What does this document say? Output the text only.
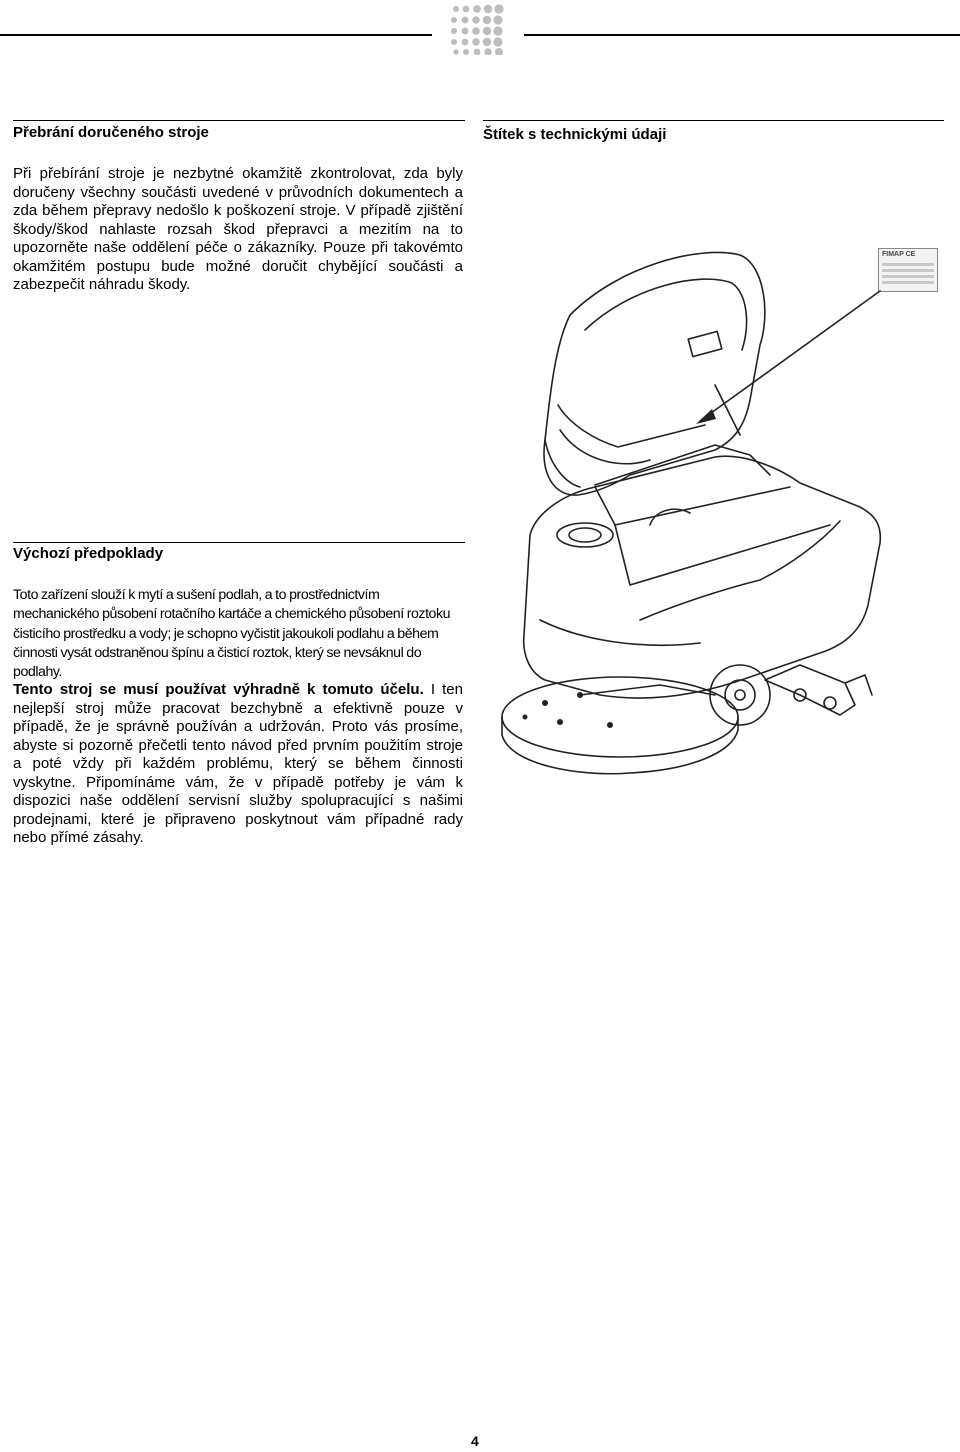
Přebrání doručeného stroje
Při přebírání stroje je nezbytné okamžitě zkontrolovat, zda byly doručeny všechny součásti uvedené v průvodních dokumentech a zda během přepravy nedošlo k poškození stroje. V případě zjištění škody/škod nahlaste rozsah škod přepravci a mezitím na to upozorněte naše oddělení péče o zákazníky. Pouze při takovémto okamžitém postupu bude možné doručit chybějící součásti a zabezpečit náhradu škody.
Štítek s technickými údaji
FIMAP CE
Výchozí předpoklady
Toto zařízení slouží k mytí a sušení podlah, a to prostřednictvím mechanického působení rotačního kartáče a chemického působení roztoku čisticího prostředku a vody; je schopno vyčistit jakoukoli podlahu a během činnosti vysát odstraněnou špínu a čisticí roztok, který se nevsáknul do podlahy.
Tento stroj se musí používat výhradně k tomuto účelu. I ten nejlepší stroj může pracovat bezchybně a efektivně pouze v případě, že je správně používán a udržován. Proto vás prosíme, abyste si pozorně přečetli tento návod před prvním použitím stroje a poté vždy při každém problému, který se během činnosti vyskytne. Připomínáme vám, že v případě potřeby je vám k dispozici naše oddělení servisní služby spolupracující s našimi prodejnami, které je připraveno poskytnout vám případné rady nebo přímé zásahy.
4
